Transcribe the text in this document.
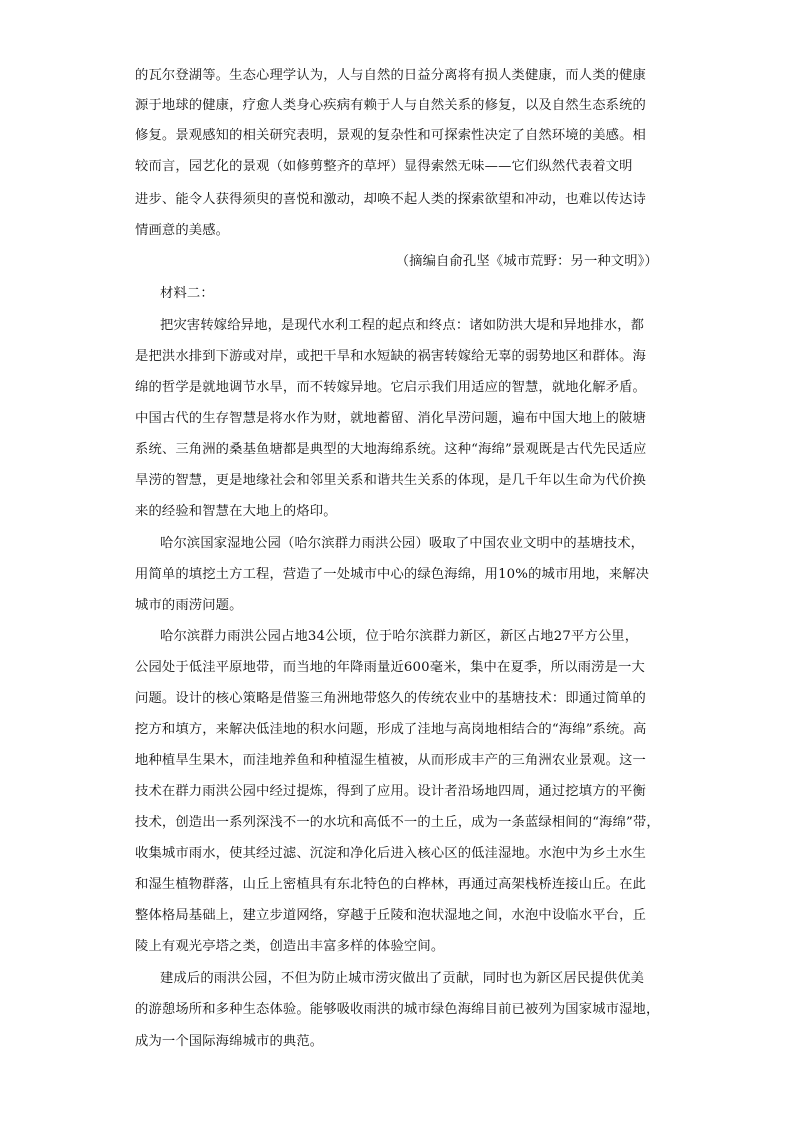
的瓦尔登湖等。生态心理学认为，人与自然的日益分离将有损人类健康，而人类的健康
源于地球的健康，疗愈人类身心疾病有赖于人与自然关系的修复，以及自然生态系统的
修复。景观感知的相关研究表明，景观的复杂性和可探索性决定了自然环境的美感。相
较而言，园艺化的景观（如修剪整齐的草坪）显得索然无味——它们纵然代表着文明
进步、能令人获得须臾的喜悦和激动，却唤不起人类的探索欲望和冲动，也难以传达诗
情画意的美感。
（摘编自俞孔坚《城市荒野：另一种文明》）
材料二：
把灾害转嫁给异地，是现代水利工程的起点和终点：诸如防洪大堤和异地排水，都
是把洪水排到下游或对岸，或把干旱和水短缺的祸害转嫁给无辜的弱势地区和群体。海
绵的哲学是就地调节水旱，而不转嫁异地。它启示我们用适应的智慧，就地化解矛盾。
中国古代的生存智慧是将水作为财，就地蓄留、消化旱涝问题，遍布中国大地上的陂塘
系统、三角洲的桑基鱼塘都是典型的大地海绵系统。这种“海绵”景观既是古代先民适应
旱涝的智慧，更是地缘社会和邻里关系和谐共生关系的体现，是几千年以生命为代价换
来的经验和智慧在大地上的烙印。
哈尔滨国家湿地公园（哈尔滨群力雨洪公园）吸取了中国农业文明中的基塘技术，
用简单的填挖土方工程，营造了一处城市中心的绿色海绵，用10%的城市用地，来解决
城市的雨涝问题。
哈尔滨群力雨洪公园占地34公顷，位于哈尔滨群力新区，新区占地27平方公里，
公园处于低洼平原地带，而当地的年降雨量近600毫米，集中在夏季，所以雨涝是一大
问题。设计的核心策略是借鉴三角洲地带悠久的传统农业中的基塘技术：即通过简单的
挖方和填方，来解决低洼地的积水问题，形成了洼地与高岗地相结合的“海绵”系统。高
地种植旱生果木，而洼地养鱼和种植湿生植被，从而形成丰产的三角洲农业景观。这一
技术在群力雨洪公园中经过提炼，得到了应用。设计者沿场地四周，通过挖填方的平衡
技术，创造出一系列深浅不一的水坑和高低不一的土丘，成为一条蓝绿相间的“海绵”带，
收集城市雨水，使其经过滤、沉淀和净化后进入核心区的低洼湿地。水泡中为乡土水生
和湿生植物群落，山丘上密植具有东北特色的白桦林，再通过高架栈桥连接山丘。在此
整体格局基础上，建立步道网络，穿越于丘陵和泡状湿地之间，水泡中设临水平台，丘
陵上有观光亭塔之类，创造出丰富多样的体验空间。
建成后的雨洪公园，不但为防止城市涝灾做出了贡献，同时也为新区居民提供优美
的游憩场所和多种生态体验。能够吸收雨洪的城市绿色海绵目前已被列为国家城市湿地，
成为一个国际海绵城市的典范。
